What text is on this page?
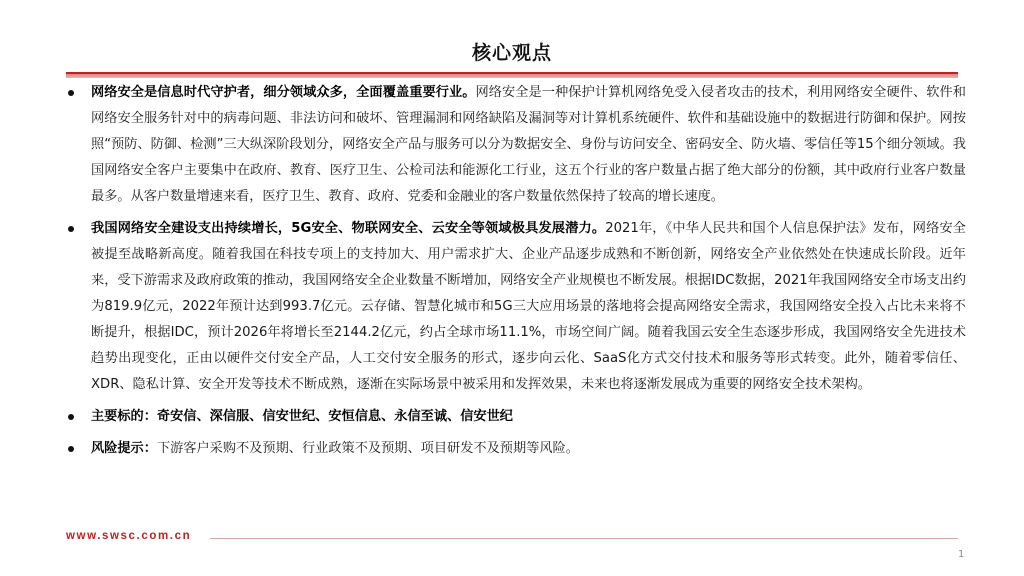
核心观点
网络安全是信息时代守护者，细分领域众多，全面覆盖重要行业。网络安全是一种保护计算机网络免受入侵者攻击的技术，利用网络安全硬件、软件和网络安全服务针对中的病毒问题、非法访问和破坏、管理漏洞和网络缺陷及漏洞等对计算机系统硬件、软件和基础设施中的数据进行防御和保护。网按照“预防、防御、检测”三大纵深阶段划分，网络安全产品与服务可以分为数据安全、身份与访问安全、密码安全、防火墙、零信任等15个细分领域。我国网络安全客户主要集中在政府、教育、医疗卫生、公检司法和能源化工行业，这五个行业的客户数量占据了绝大部分的份额，其中政府行业客户数量最多。从客户数量增速来看，医疗卫生、教育、政府、党委和金融业的客户数量依然保持了较高的增长速度。
我国网络安全建设支出持续增长，5G安全、物联网安全、云安全等领域极具发展潜力。2021年，《中华人民共和国个人信息保护法》发布，网络安全被提至战略新高度。随着我国在科技专项上的支持加大、用户需求扩大、企业产品逐步成熟和不断创新，网络安全产业依然处在快速成长阶段。近年来，受下游需求及政府政策的推动，我国网络安全企业数量不断增加，网络安全产业规模也不断发展。根据IDC数据，2021年我国网络安全市场支出约为819.9亿元，2022年预计达到993.7亿元。云存储、智慧化城市和5G三大应用场景的落地将会提高网络安全需求，我国网络安全投入占比未来将不断提升，根据IDC，预计2026年将增长至2144.2亿元，约占全球市场11.1%，市场空间广阔。随着我国云安全生态逐步形成，我国网络安全先进技术趋势出现变化，正由以硬件交付安全产品，人工交付安全服务的形式，逐步向云化、SaaS化方式交付技术和服务等形式转变。此外，随着零信任、XDR、隐私计算、安全开发等技术不断成熟，逐渐在实际场景中被采用和发挥效果，未来也将逐渐发展成为重要的网络安全技术架构。
主要标的：奇安信、深信服、信安世纪、安恒信息、永信至诚、信安世纪
风险提示：下游客户采购不及预期、行业政策不及预期、项目研发不及预期等风险。
www.swsc.com.cn
1
